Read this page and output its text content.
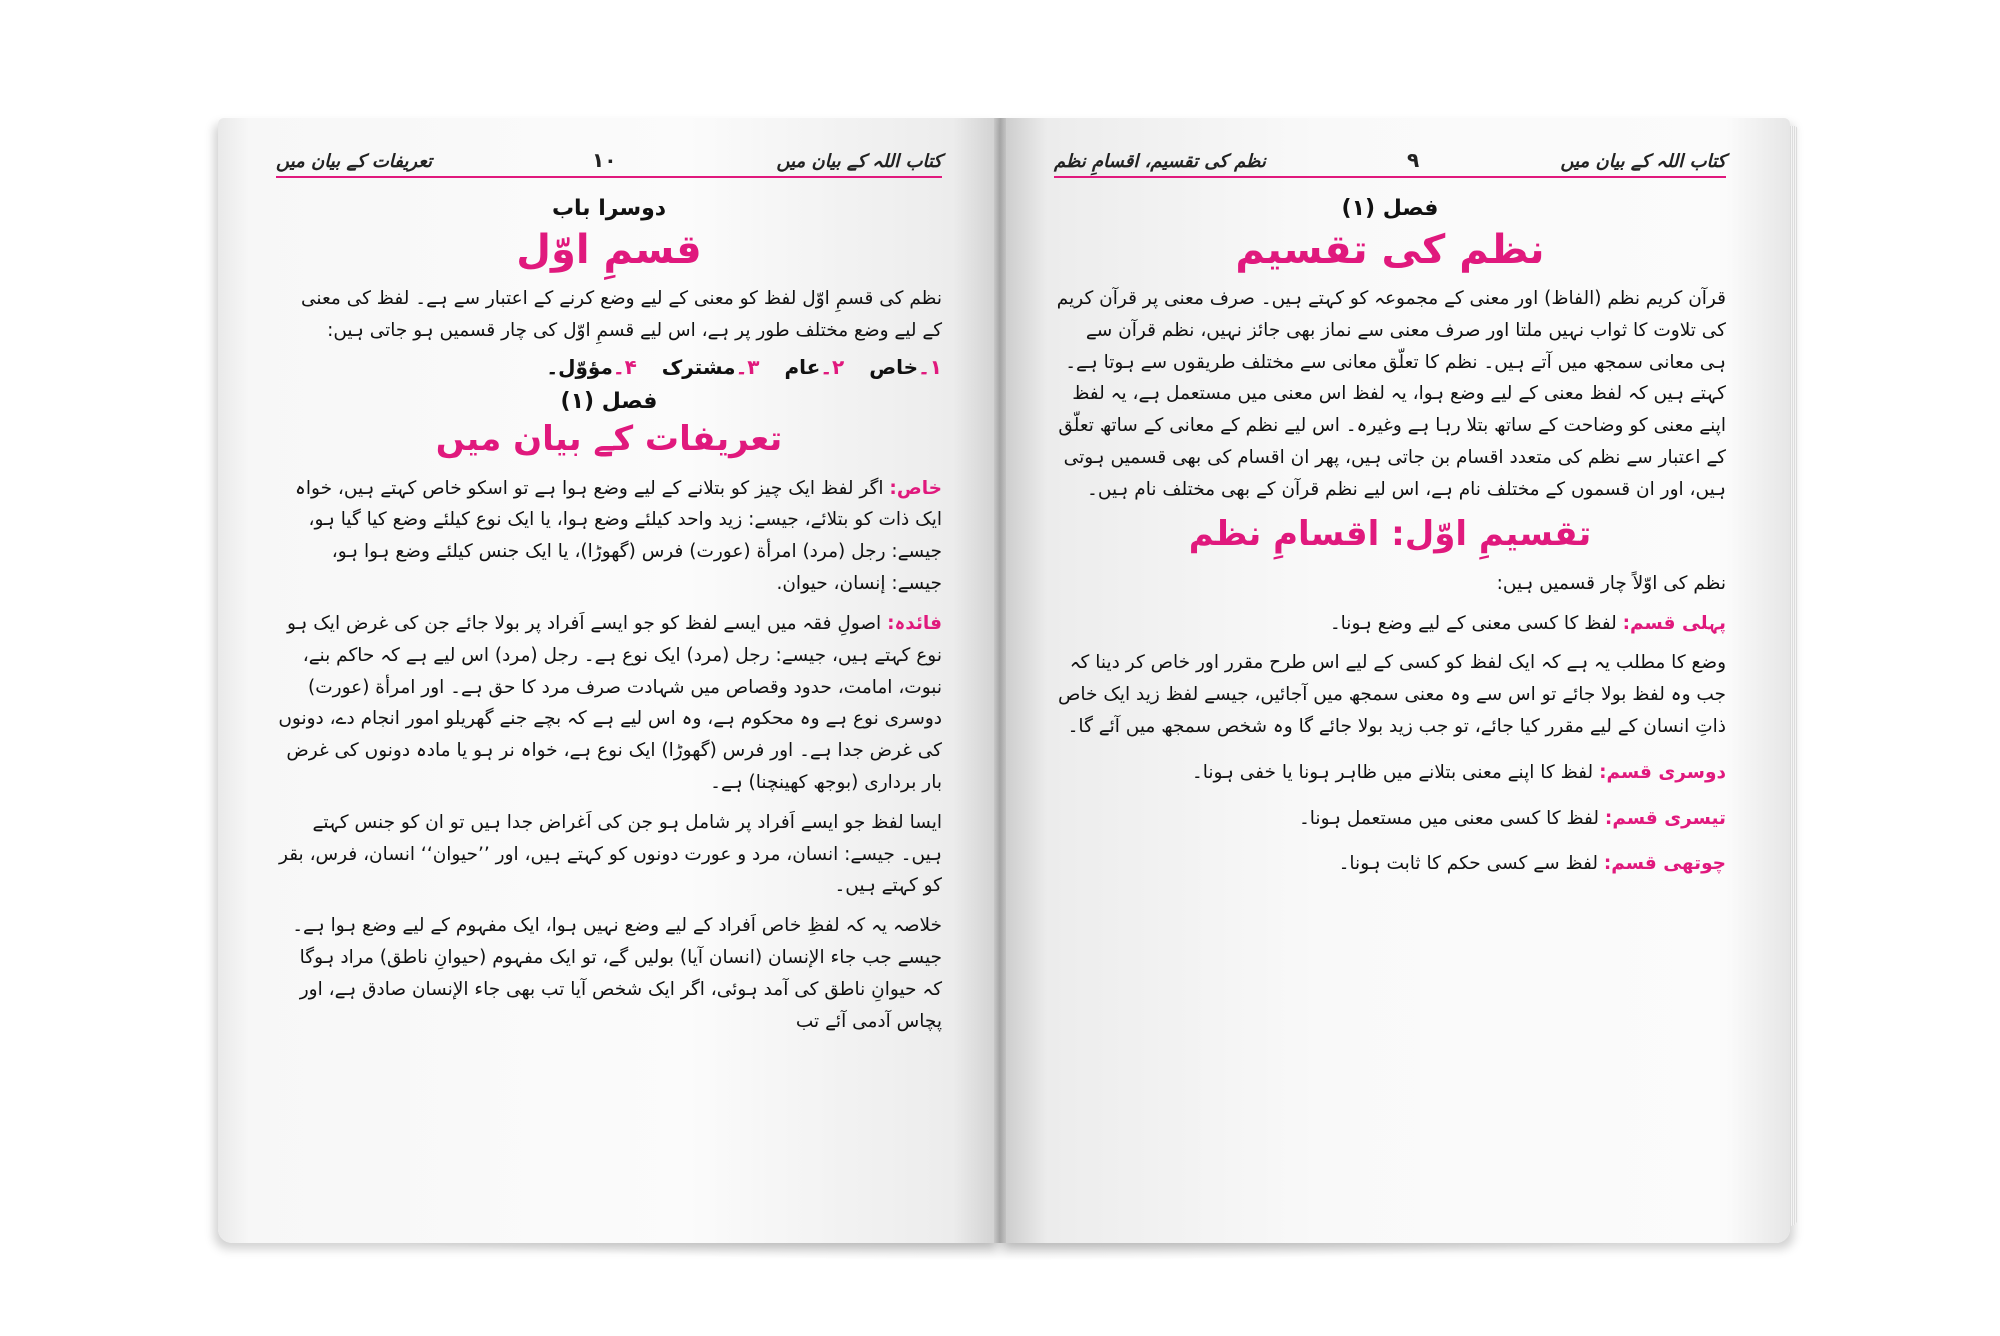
کتاب اللہ کے بیان میں
۱۰
تعریفات کے بیان میں
دوسرا باب
قسمِ اوّل

نظم کی قسمِ اوّل لفظ کو معنی کے لیے وضع کرنے کے اعتبار سے ہے۔ لفظ کی معنی کے لیے وضع مختلف طور پر ہے، اس لیے قسمِ اوّل کی چار قسمیں ہو جاتی ہیں:

۱۔خاص ۲۔عام ۳۔مشترک ۴۔مؤوّل۔
فصل (۱)
تعریفات کے بیان میں

خاص: اگر لفظ ایک چیز کو بتلانے کے لیے وضع ہوا ہے تو اسکو خاص کہتے ہیں، خواہ ایک ذات کو بتلائے، جیسے: زید واحد کیلئے وضع ہوا، یا ایک نوع کیلئے وضع کیا گیا ہو، جیسے: رجل (مرد) امرأة (عورت) فرس (گھوڑا)، یا ایک جنس کیلئے وضع ہوا ہو، جیسے: إنسان، حیوان.

فائدہ: اصولِ فقہ میں ایسے لفظ کو جو ایسے اَفراد پر بولا جائے جن کی غرض ایک ہو نوع کہتے ہیں، جیسے: رجل (مرد) ایک نوع ہے۔ رجل (مرد) اس لیے ہے کہ حاکم بنے، نبوت، امامت، حدود وقصاص میں شہادت صرف مرد کا حق ہے۔ اور امرأة (عورت) دوسری نوع ہے وہ محکوم ہے، وہ اس لیے ہے کہ بچے جنے گھریلو امور انجام دے، دونوں کی غرض جدا ہے۔ اور فرس (گھوڑا) ایک نوع ہے، خواہ نر ہو یا مادہ دونوں کی غرض بار برداری (بوجھ کھینچنا) ہے۔

ایسا لفظ جو ایسے اَفراد پر شامل ہو جن کی اَغراض جدا ہیں تو ان کو جنس کہتے ہیں۔ جیسے: انسان، مرد و عورت دونوں کو کہتے ہیں، اور ’’حیوان‘‘ انسان، فرس، بقر کو کہتے ہیں۔

خلاصہ یہ کہ لفظِ خاص اَفراد کے لیے وضع نہیں ہوا، ایک مفہوم کے لیے وضع ہوا ہے۔ جیسے جب جاء الإنسان (انسان آیا) بولیں گے، تو ایک مفہوم (حیوانِ ناطق) مراد ہوگا کہ حیوانِ ناطق کی آمد ہوئی، اگر ایک شخص آیا تب بھی جاء الإنسان صادق ہے، اور پچاس آدمی آئے تب

کتاب اللہ کے بیان میں
۹
نظم کی تقسیم، اقسامِ نظم
فصل (۱)
نظم کی تقسیم

قرآن کریم نظم (الفاظ) اور معنی کے مجموعہ کو کہتے ہیں۔ صرف معنی پر قرآن کریم کی تلاوت کا ثواب نہیں ملتا اور صرف معنی سے نماز بھی جائز نہیں، نظم قرآن سے ہی معانی سمجھ میں آتے ہیں۔ نظم کا تعلّق معانی سے مختلف طریقوں سے ہوتا ہے۔ کہتے ہیں کہ لفظ معنی کے لیے وضع ہوا، یہ لفظ اس معنی میں مستعمل ہے، یہ لفظ اپنے معنی کو وضاحت کے ساتھ بتلا رہا ہے وغیرہ۔ اس لیے نظم کے معانی کے ساتھ تعلّق کے اعتبار سے نظم کی متعدد اقسام بن جاتی ہیں، پھر ان اقسام کی بھی قسمیں ہوتی ہیں، اور ان قسموں کے مختلف نام ہے، اس لیے نظم قرآن کے بھی مختلف نام ہیں۔

تقسیمِ اوّل: اقسامِ نظم

نظم کی اوّلاً چار قسمیں ہیں:

پہلی قسم: لفظ کا کسی معنی کے لیے وضع ہونا۔

وضع کا مطلب یہ ہے کہ ایک لفظ کو کسی کے لیے اس طرح مقرر اور خاص کر دینا کہ جب وہ لفظ بولا جائے تو اس سے وہ معنی سمجھ میں آجائیں، جیسے لفظ زید ایک خاص ذاتِ انسان کے لیے مقرر کیا جائے، تو جب زید بولا جائے گا وہ شخص سمجھ میں آئے گا۔

دوسری قسم: لفظ کا اپنے معنی بتلانے میں ظاہر ہونا یا خفی ہونا۔

تیسری قسم: لفظ کا کسی معنی میں مستعمل ہونا۔

چوتھی قسم: لفظ سے کسی حکم کا ثابت ہونا۔
